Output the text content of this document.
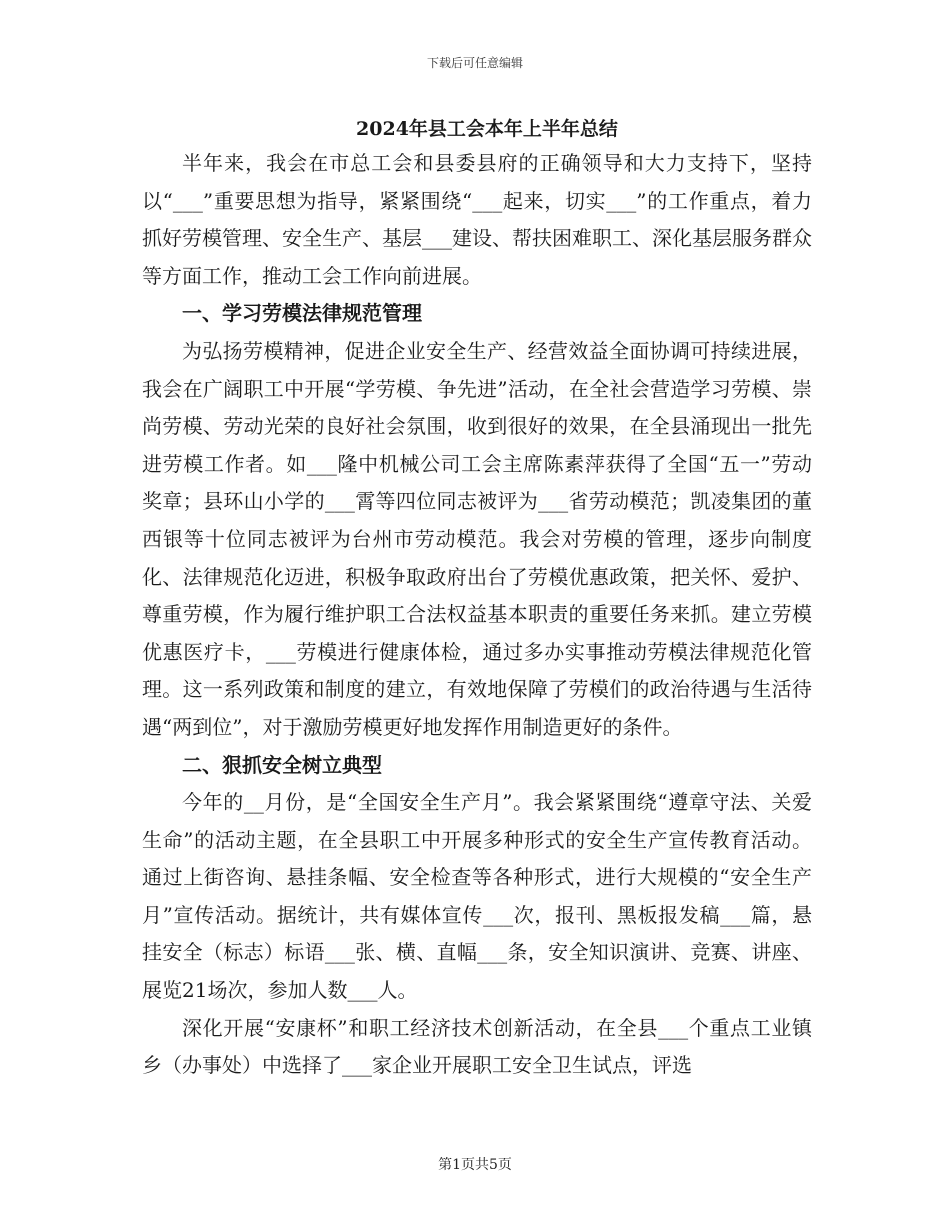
下载后可任意编辑
2024年县工会本年上半年总结

半年来，我会在市总工会和县委县府的正确领导和大力支持下，坚持以“___”重要思想为指导，紧紧围绕“___起来，切实___”的工作重点，着力抓好劳模管理、安全生产、基层___建设、帮扶困难职工、深化基层服务群众等方面工作，推动工会工作向前进展。

一、学习劳模法律规范管理

为弘扬劳模精神，促进企业安全生产、经营效益全面协调可持续进展，我会在广阔职工中开展“学劳模、争先进”活动，在全社会营造学习劳模、崇尚劳模、劳动光荣的良好社会氛围，收到很好的效果，在全县涌现出一批先进劳模工作者。如___隆中机械公司工会主席陈素萍获得了全国“五一”劳动奖章；县环山小学的___霄等四位同志被评为___省劳动模范；凯凌集团的董西银等十位同志被评为台州市劳动模范。我会对劳模的管理，逐步向制度化、法律规范化迈进，积极争取政府出台了劳模优惠政策，把关怀、爱护、尊重劳模，作为履行维护职工合法权益基本职责的重要任务来抓。建立劳模优惠医疗卡，___劳模进行健康体检，通过多办实事推动劳模法律规范化管理。这一系列政策和制度的建立，有效地保障了劳模们的政治待遇与生活待遇“两到位”，对于激励劳模更好地发挥作用制造更好的条件。

二、狠抓安全树立典型

今年的__月份，是“全国安全生产月”。我会紧紧围绕“遵章守法、关爱生命”的活动主题，在全县职工中开展多种形式的安全生产宣传教育活动。通过上街咨询、悬挂条幅、安全检查等各种形式，进行大规模的“安全生产月”宣传活动。据统计，共有媒体宣传___次，报刊、黑板报发稿___篇，悬挂安全（标志）标语___张、横、直幅___条，安全知识演讲、竞赛、讲座、展览21场次，参加人数___人。

深化开展“安康杯”和职工经济技术创新活动，在全县___个重点工业镇乡（办事处）中选择了___家企业开展职工安全卫生试点，评选

第1页共5页
